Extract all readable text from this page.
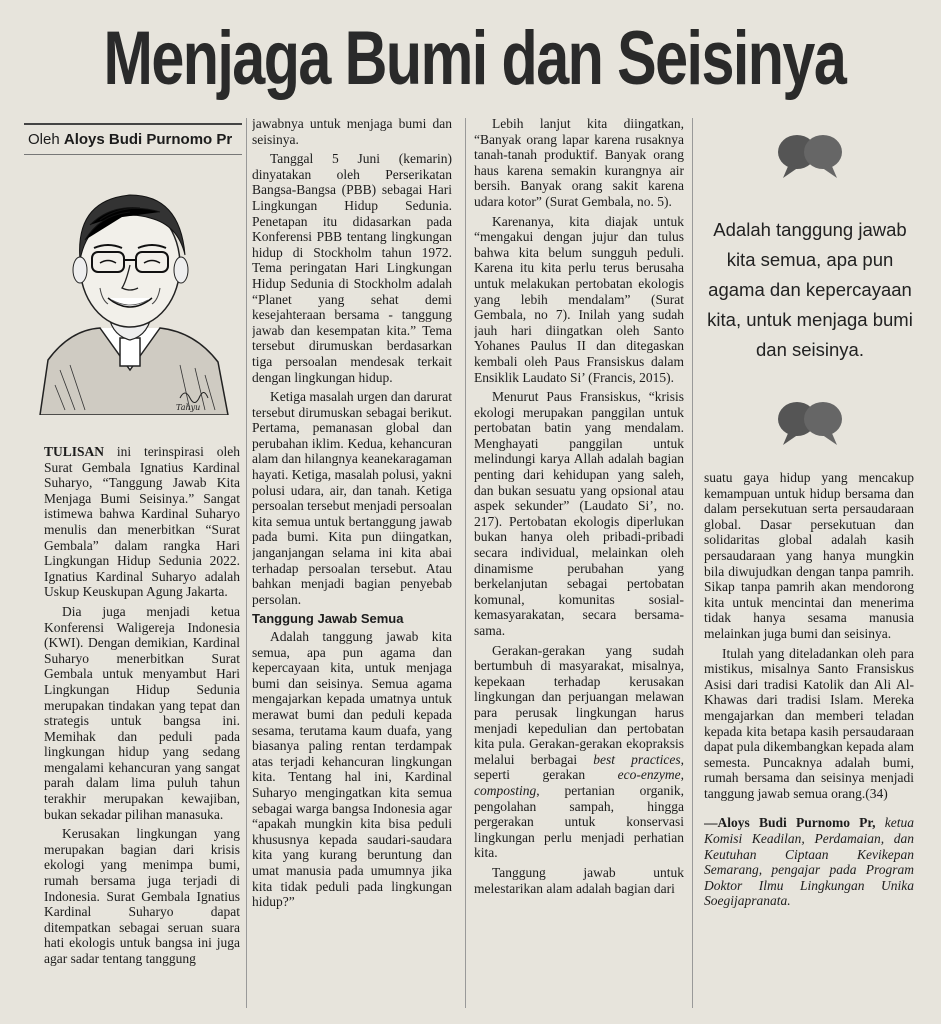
Menjaga Bumi dan Seisinya
Oleh Aloys Budi Purnomo Pr
Tahyu

TULISAN ini terinspirasi oleh Surat Gembala Ignatius Kardinal Suharyo, “Tanggung Jawab Kita Menjaga Bumi Seisinya.” Sangat istimewa bahwa Kardinal Suharyo menulis dan menerbitkan “Surat Gembala” dalam rangka Hari Lingkungan Hidup Sedunia 2022. Ignatius Kardinal Suharyo adalah Uskup Keuskupan Agung Jakarta.

Dia juga menjadi ketua Konferensi Waligereja Indonesia (KWI). Dengan demikian, Kardinal Suharyo menerbitkan Surat Gembala untuk menyambut Hari Lingkungan Hidup Sedunia merupakan tindakan yang tepat dan strategis untuk bangsa ini. Memihak dan peduli pada lingkungan hidup yang sedang mengalami kehancuran yang sangat parah dalam lima puluh tahun terakhir merupakan kewajiban, bukan sekadar pilihan manasuka.

Kerusakan lingkungan yang merupakan bagian dari krisis ekologi yang menimpa bumi, rumah bersama juga terjadi di Indonesia. Surat Gembala Ignatius Kardinal Suharyo dapat ditempatkan sebagai seruan suara hati ekologis untuk bangsa ini juga agar sadar tentang tanggung

jawabnya untuk menjaga bumi dan seisinya.

Tanggal 5 Juni (kemarin) dinyatakan oleh Perserikatan Bangsa-Bangsa (PBB) sebagai Hari Lingkungan Hidup Sedunia. Penetapan itu didasarkan pada Konferensi PBB tentang lingkungan hidup di Stockholm tahun 1972. Tema peringatan Hari Lingkungan Hidup Sedunia di Stockholm adalah “Planet yang sehat demi kesejahteraan bersama - tanggung jawab dan kesempatan kita.” Tema tersebut dirumuskan berdasarkan tiga persoalan mendesak terkait dengan lingkungan hidup.

Ketiga masalah urgen dan darurat tersebut dirumuskan sebagai berikut. Pertama, pemanasan global dan perubahan iklim. Kedua, kehancuran alam dan hilangnya keanekaragaman hayati. Ketiga, masalah polusi, yakni polusi udara, air, dan tanah. Ketiga persoalan tersebut menjadi persoalan kita semua untuk bertanggung jawab pada bumi. Kita pun diingatkan, janganjangan selama ini kita abai terhadap persoalan tersebut. Atau bahkan menjadi bagian penyebab persolan.

Tanggung Jawab Semua

Adalah tanggung jawab kita semua, apa pun agama dan kepercayaan kita, untuk menjaga bumi dan seisinya. Semua agama mengajarkan kepada umatnya untuk merawat bumi dan peduli kepada sesama, terutama kaum duafa, yang biasanya paling rentan terdampak atas terjadi kehancuran lingkungan kita. Tentang hal ini, Kardinal Suharyo mengingatkan kita semua sebagai warga bangsa Indonesia agar “apakah mungkin kita bisa peduli khususnya kepada saudari-saudara kita yang kurang beruntung dan umat manusia pada umumnya jika kita tidak peduli pada lingkungan hidup?”

Lebih lanjut kita diingatkan, “Banyak orang lapar karena rusaknya tanah-tanah produktif. Banyak orang haus karena semakin kurangnya air bersih. Banyak orang sakit karena udara kotor” (Surat Gembala, no. 5).

Karenanya, kita diajak untuk “mengakui dengan jujur dan tulus bahwa kita belum sungguh peduli. Karena itu kita perlu terus berusaha untuk melakukan pertobatan ekologis yang lebih mendalam” (Surat Gembala, no 7). Inilah yang sudah jauh hari diingatkan oleh Santo Yohanes Paulus II dan ditegaskan kembali oleh Paus Fransiskus dalam Ensiklik Laudato Si’ (Francis, 2015).

Menurut Paus Fransiskus, “krisis ekologi merupakan panggilan untuk pertobatan batin yang mendalam. Menghayati panggilan untuk melindungi karya Allah adalah bagian penting dari kehidupan yang saleh, dan bukan sesuatu yang opsional atau aspek sekunder” (Laudato Si’, no. 217). Pertobatan ekologis diperlukan bukan hanya oleh pribadi-pribadi secara individual, melainkan oleh dinamisme perubahan yang berkelanjutan sebagai pertobatan komunal, komunitas sosial-kemasyarakatan, secara bersama-sama.

Gerakan-gerakan yang sudah bertumbuh di masyarakat, misalnya, kepekaan terhadap kerusakan lingkungan dan perjuangan melawan para perusak lingkungan harus menjadi kepedulian dan pertobatan kita pula. Gerakan-gerakan ekopraksis melalui berbagai best practices, seperti gerakan eco-enzyme, composting, pertanian organik, pengolahan sampah, hingga pergerakan untuk konservasi lingkungan perlu menjadi perhatian kita.

Tanggung jawab untuk melestarikan alam adalah bagian dari

Adalah tanggung jawab kita semua, apa pun agama dan kepercayaan kita, untuk menjaga bumi dan seisinya.

suatu gaya hidup yang mencakup kemampuan untuk hidup bersama dan dalam persekutuan serta persaudaraan global. Dasar persekutuan dan solidaritas global adalah kasih persaudaraan yang hanya mungkin bila diwujudkan dengan tanpa pamrih. Sikap tanpa pamrih akan mendorong kita untuk mencintai dan menerima tidak hanya sesama manusia melainkan juga bumi dan seisinya.

Itulah yang diteladankan oleh para mistikus, misalnya Santo Fransiskus Asisi dari tradisi Katolik dan Ali Al-Khawas dari tradisi Islam. Mereka mengajarkan dan memberi teladan kepada kita betapa kasih persaudaraan dapat pula dikembangkan kepada alam semesta. Puncaknya adalah bumi, rumah bersama dan seisinya menjadi tanggung jawab semua orang.(34)

—Aloys Budi Purnomo Pr, ketua Komisi Keadilan, Perdamaian, dan Keutuhan Ciptaan Kevikepan Semarang, pengajar pada Program Doktor Ilmu Lingkungan Unika Soegijapranata.
